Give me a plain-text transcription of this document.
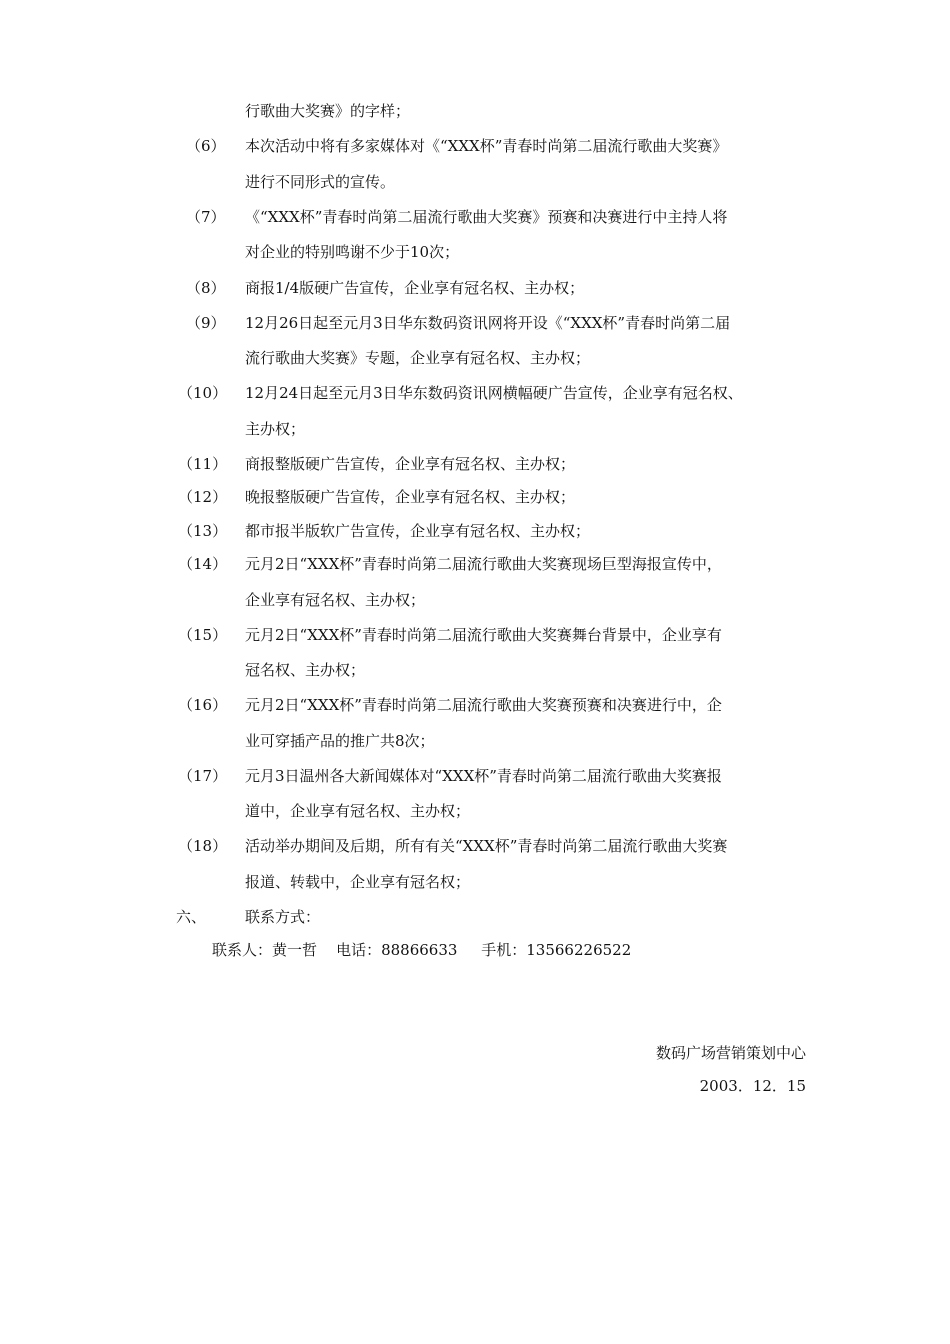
行歌曲大奖赛》的字样；
（6）	本次活动中将有多家媒体对《“XXX杯”青春时尚第二届流行歌曲大奖赛》
进行不同形式的宣传。
（7）	《“XXX杯”青春时尚第二届流行歌曲大奖赛》预赛和决赛进行中主持人将
对企业的特别鸣谢不少于10次；
（8）	商报1/4版硬广告宣传，企业享有冠名权、主办权；
（9）	12月26日起至元月3日华东数码资讯网将开设《“XXX杯”青春时尚第二届
流行歌曲大奖赛》专题，企业享有冠名权、主办权；
（10）	12月24日起至元月3日华东数码资讯网横幅硬广告宣传，企业享有冠名权、
主办权；
（11）	商报整版硬广告宣传，企业享有冠名权、主办权；
（12）	晚报整版硬广告宣传，企业享有冠名权、主办权；
（13）	都市报半版软广告宣传，企业享有冠名权、主办权；
（14）	元月2日“XXX杯”青春时尚第二届流行歌曲大奖赛现场巨型海报宣传中，
企业享有冠名权、主办权；
（15）	元月2日“XXX杯”青春时尚第二届流行歌曲大奖赛舞台背景中，企业享有
冠名权、主办权；
（16）	元月2日“XXX杯”青春时尚第二届流行歌曲大奖赛预赛和决赛进行中，企
业可穿插产品的推广共8次；
（17）	元月3日温州各大新闻媒体对“XXX杯”青春时尚第二届流行歌曲大奖赛报
道中，企业享有冠名权、主办权；
（18）	活动举办期间及后期，所有有关“XXX杯”青春时尚第二届流行歌曲大奖赛
报道、转载中，企业享有冠名权；
六、	联系方式：
联系人：黄一哲    电话：88866633     手机：13566226522
数码广场营销策划中心
2003．12．15
